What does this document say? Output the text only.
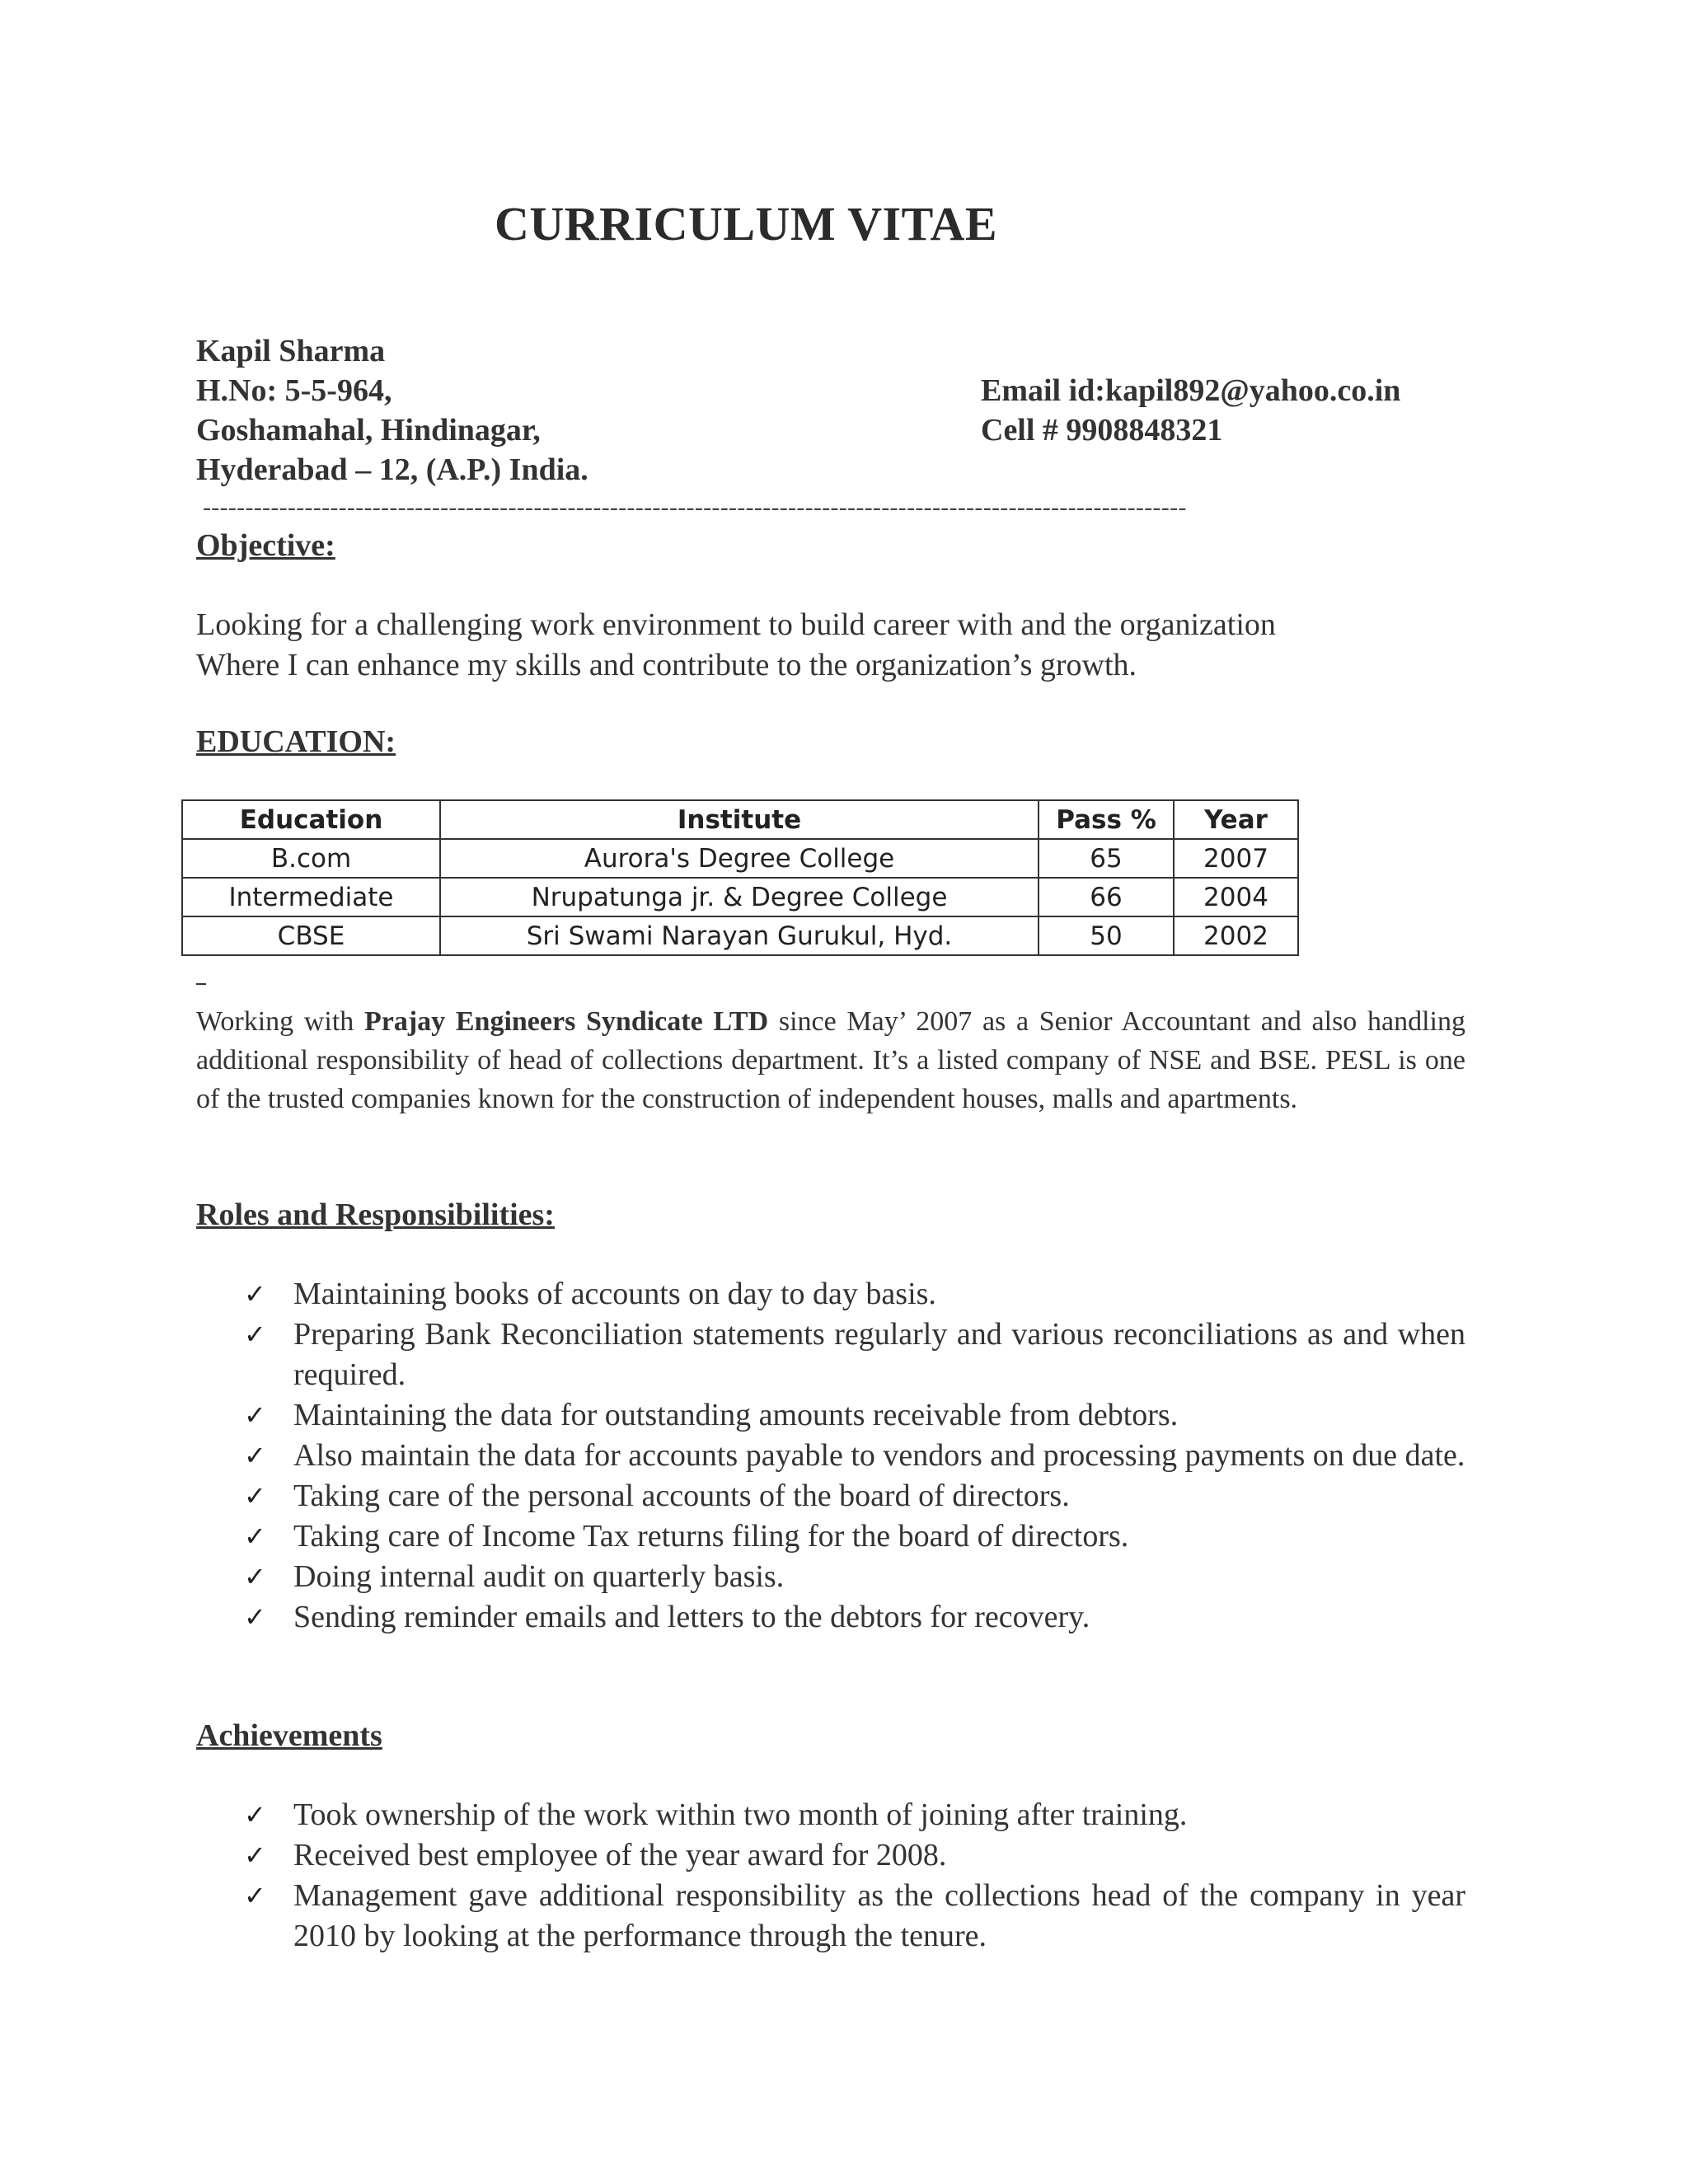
CURRICULUM VITAE
Kapil Sharma
H.No: 5-5-964,
Goshamahal, Hindinagar,
Hyderabad – 12, (A.P.) India.
Email id:kapil892@yahoo.co.in
Cell # 9908848321
--------------------------------------------------------------------------------------------------------------------
Objective:
Looking for a challenging work environment to build career with and the organization
Where I can enhance my skills and contribute to the organization’s growth.
EDUCATION:
Education	Institute	Pass %	Year
B.com	Aurora's Degree College	65	2007
Intermediate	Nrupatunga jr. & Degree College	66	2004
CBSE	Sri Swami Narayan Gurukul, Hyd.	50	2002
Working with Prajay Engineers Syndicate LTD since May’ 2007 as a Senior Accountant and also handling additional responsibility of head of collections department. It’s a listed company of NSE and BSE. PESL is one of the trusted companies known for the construction of independent houses, malls and apartments.
Roles and Responsibilities:
✓ Maintaining books of accounts on day to day basis.
✓ Preparing Bank Reconciliation statements regularly and various reconciliations as and when required.
✓ Maintaining the data for outstanding amounts receivable from debtors.
✓ Also maintain the data for accounts payable to vendors and processing payments on due date.
✓ Taking care of the personal accounts of the board of directors.
✓ Taking care of Income Tax returns filing for the board of directors.
✓ Doing internal audit on quarterly basis.
✓ Sending reminder emails and letters to the debtors for recovery.
Achievements
✓ Took ownership of the work within two month of joining after training.
✓ Received best employee of the year award for 2008.
✓ Management gave additional responsibility as the collections head of the company in year 2010 by looking at the performance through the tenure.
